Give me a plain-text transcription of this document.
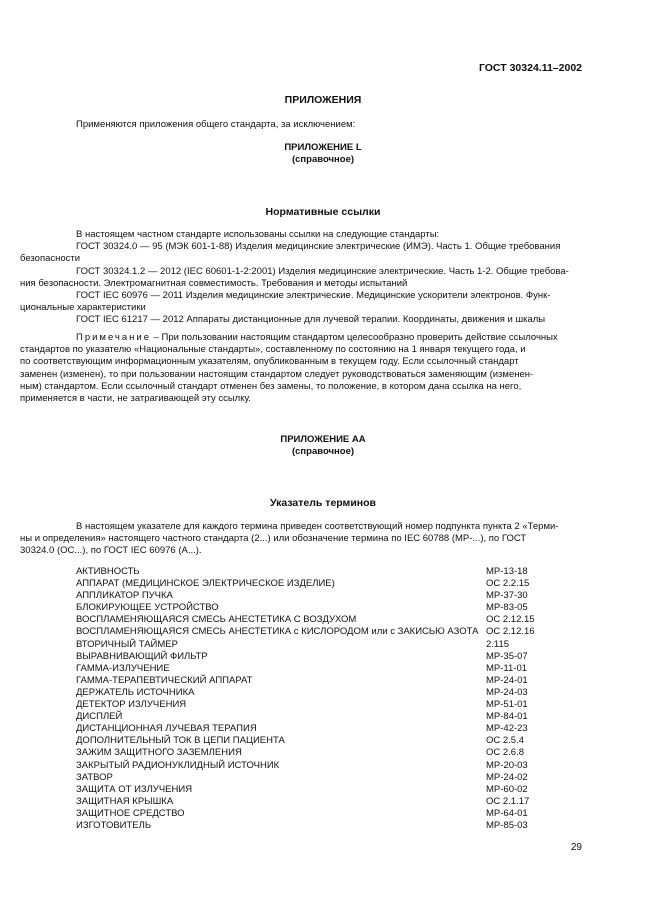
ГОСТ 30324.11–2002
ПРИЛОЖЕНИЯ
Применяются приложения общего стандарта, за исключением:
ПРИЛОЖЕНИЕ L
(справочное)
Нормативные ссылки
В настоящем частном стандарте использованы ссылки на следующие стандарты:
ГОСТ 30324.0 — 95 (МЭК 601-1-88) Изделия медицинские электрические (ИМЭ). Часть 1. Общие требования
безопасности
ГОСТ 30324.1.2 — 2012 (IEC 60601-1-2:2001) Изделия медицинские электрические. Часть 1-2. Общие требова-
ния безопасности. Электромагнитная совместимость. Требования и методы испытаний
ГОСТ IEC 60976 — 2011 Изделия медицинские электрические. Медицинские ускорители электронов. Функ-
циональные характеристики
ГОСТ IEC 61217 — 2012 Аппараты дистанционные для лучевой терапии. Координаты, движения и шкалы
Примечание – При пользовании настоящим стандартом целесообразно проверить действие ссылочных
стандартов по указателю «Национальные стандарты», составленному по состоянию на 1 января текущего года, и
по соответствующим информационным указателям, опубликованным в текущем году. Если ссылочный стандарт
заменен (изменен), то при пользовании настоящим стандартом следует руководствоваться заменяющим (изменен-
ным) стандартом. Если ссылочный стандарт отменен без замены, то положение, в котором дана ссылка на него,
применяется в части, не затрагивающей эту ссылку.
ПРИЛОЖЕНИЕ АА
(справочное)
Указатель терминов
В настоящем указателе для каждого термина приведен соответствующий номер подпункта пункта 2 «Терми-
ны и определения» настоящего частного стандарта (2...) или обозначение термина по IEC 60788 (МР-...), по ГОСТ
30324.0 (ОС...), по ГОСТ IEC 60976 (А...).
АКТИВНОСТЬ	МР-13-18
АППАРАТ (МЕДИЦИНСКОЕ ЭЛЕКТРИЧЕСКОЕ ИЗДЕЛИЕ)	ОС 2.2.15
АППЛИКАТОР ПУЧКА	МР-37-30
БЛОКИРУЮЩЕЕ УСТРОЙСТВО	МР-83-05
ВОСПЛАМЕНЯЮЩАЯСЯ СМЕСЬ АНЕСТЕТИКА С ВОЗДУХОМ	ОС 2.12.15
ВОСПЛАМЕНЯЮЩАЯСЯ СМЕСЬ АНЕСТЕТИКА с КИСЛОРОДОМ или с ЗАКИСЬЮ АЗОТА ОС 2.12.16
ВТОРИЧНЫЙ ТАЙМЕР	2.115
ВЫРАВНИВАЮЩИЙ ФИЛЬТР	МР-35-07
ГАММА-ИЗЛУЧЕНИЕ	МР-11-01
ГАММА-ТЕРАПЕВТИЧЕСКИЙ АППАРАТ	МР-24-01
ДЕРЖАТЕЛЬ ИСТОЧНИКА	МР-24-03
ДЕТЕКТОР ИЗЛУЧЕНИЯ	МР-51-01
ДИСПЛЕЙ	МР-84-01
ДИСТАНЦИОННАЯ ЛУЧЕВАЯ ТЕРАПИЯ	МР-42-23
ДОПОЛНИТЕЛЬНЫЙ ТОК В ЦЕПИ ПАЦИЕНТА	ОС 2.5.4
ЗАЖИМ ЗАЩИТНОГО ЗАЗЕМЛЕНИЯ	ОС 2.6.8
ЗАКРЫТЫЙ РАДИОНУКЛИДНЫЙ ИСТОЧНИК	МР-20-03
ЗАТВОР	МР-24-02
ЗАЩИТА ОТ ИЗЛУЧЕНИЯ	МР-60-02
ЗАЩИТНАЯ КРЫШКА	ОС 2.1.17
ЗАЩИТНОЕ СРЕДСТВО	МР-64-01
ИЗГОТОВИТЕЛЬ	МР-85-03
29
